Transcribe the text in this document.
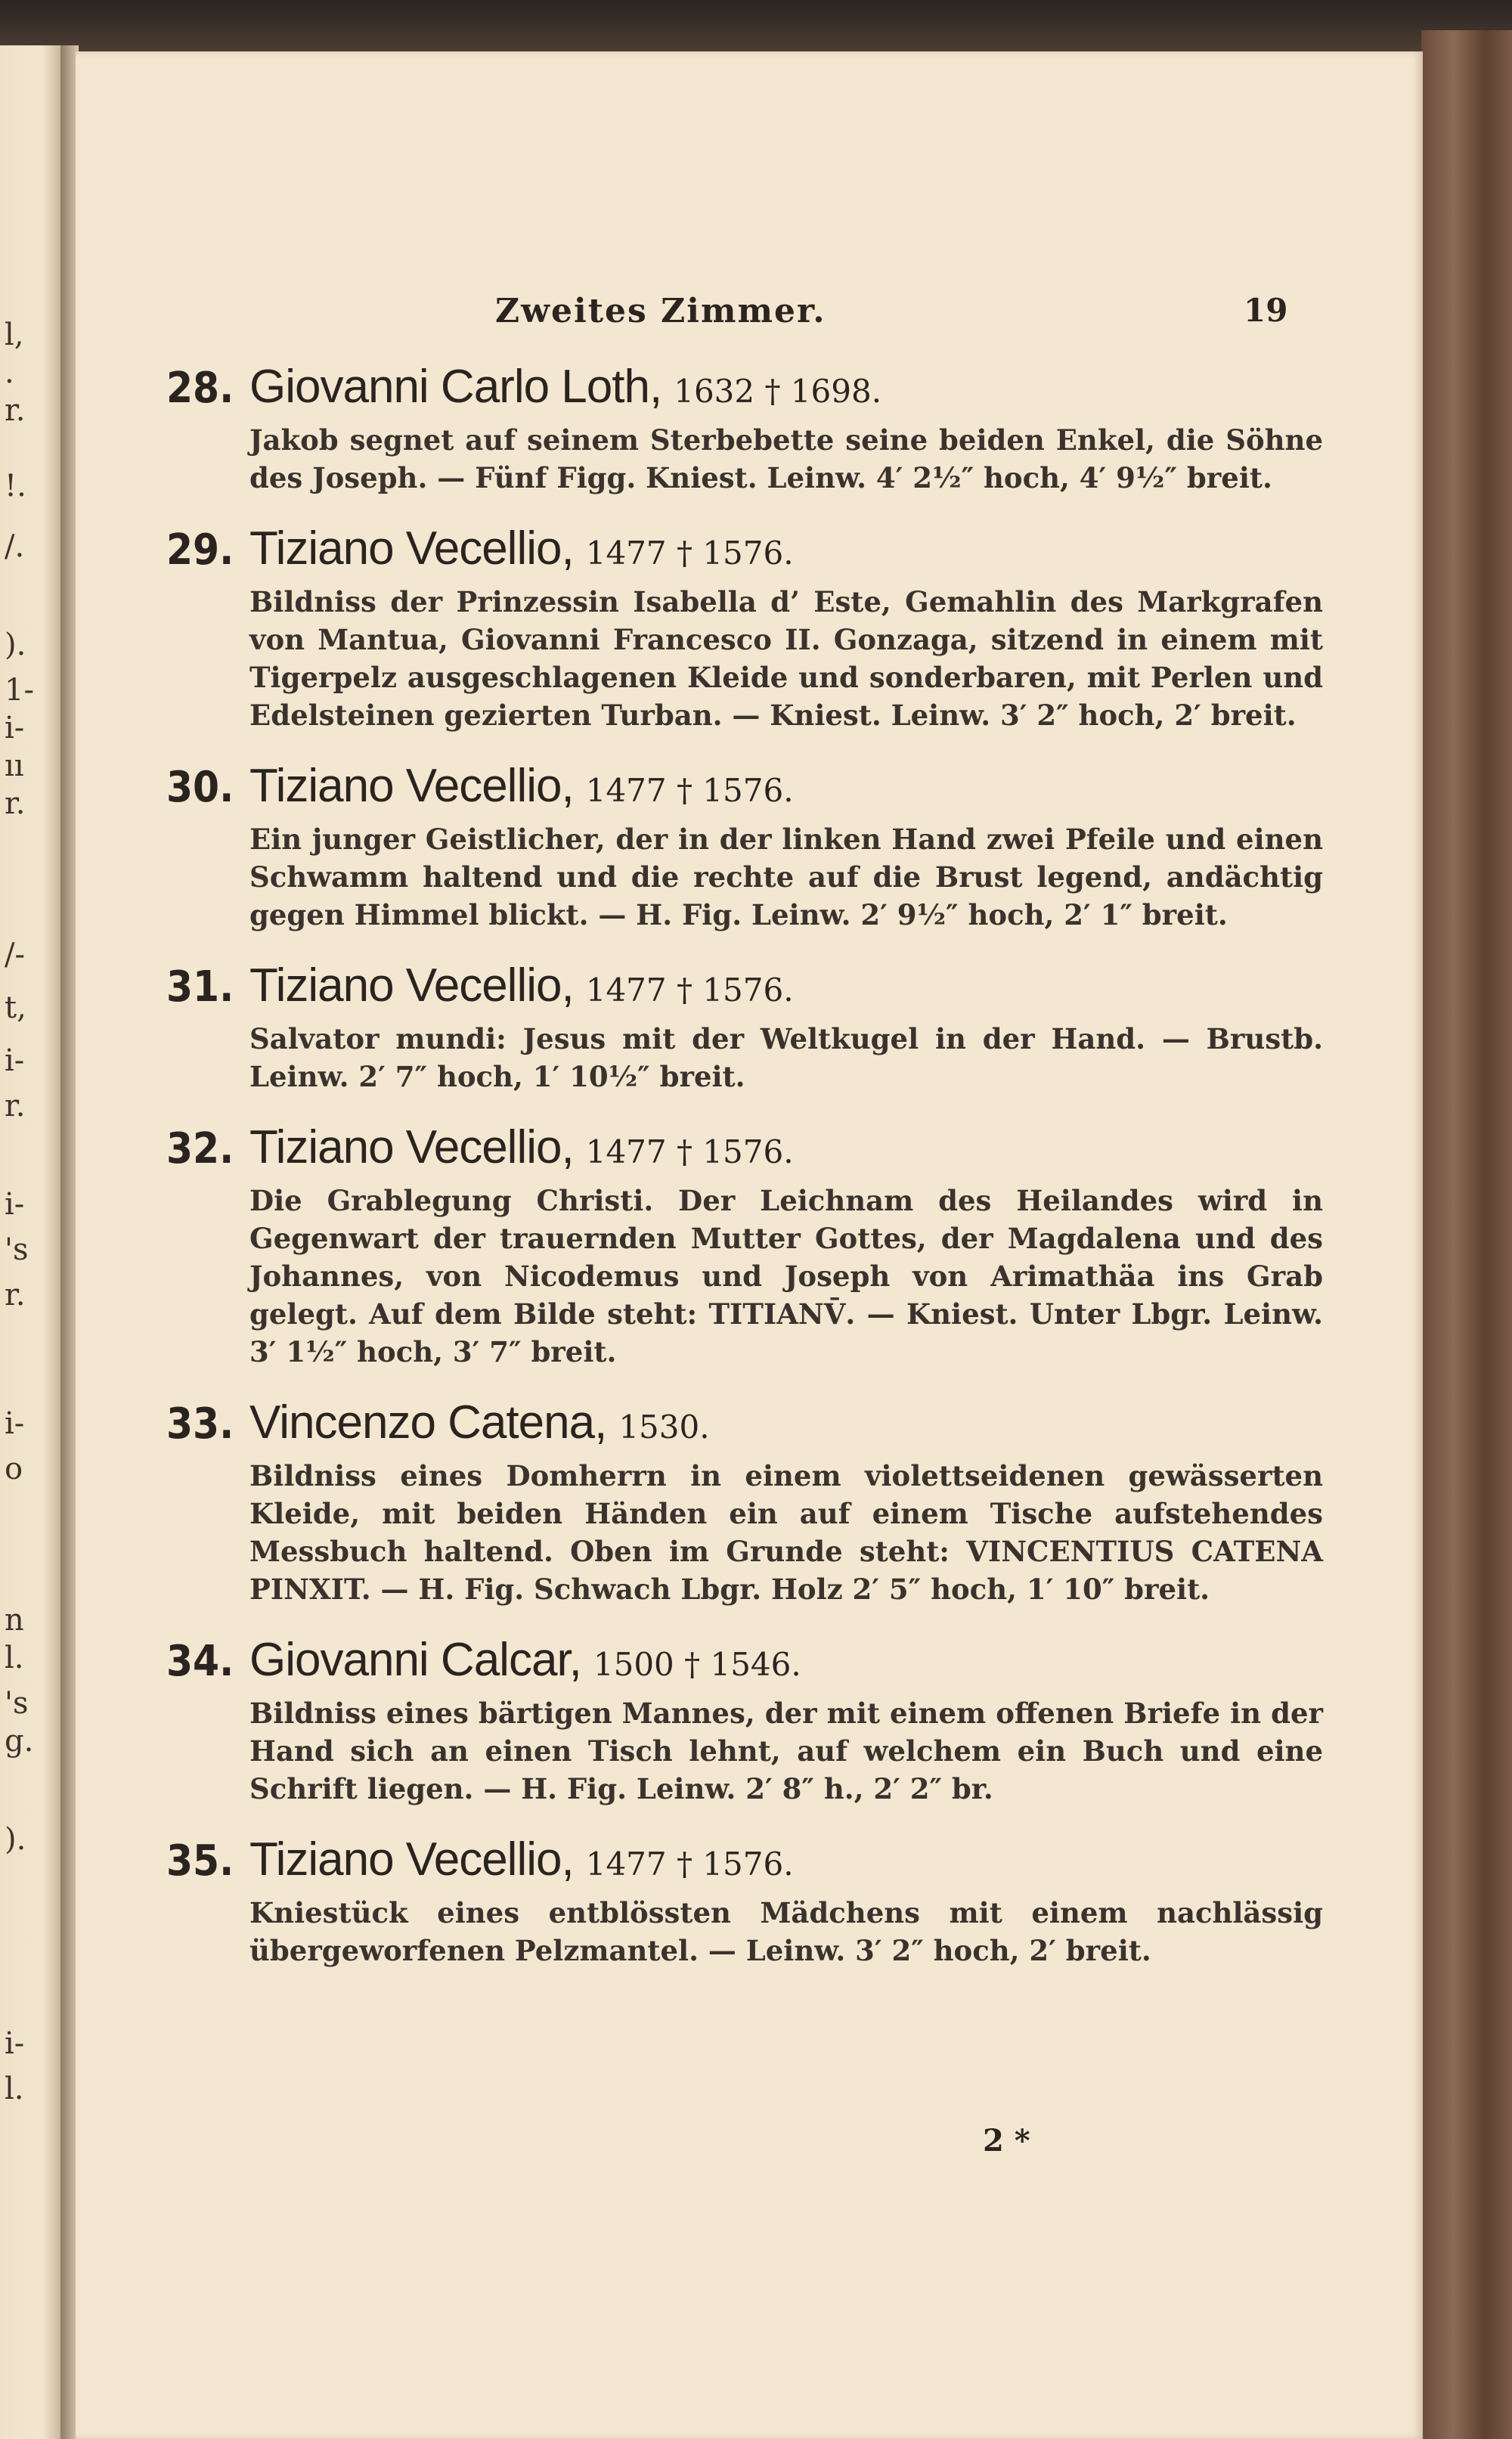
l,
.
r.
!.
/.
).
1-
i-
ıı
r.
/-
t,
i-
r.
i-
's
r.
i-
o
n
l.
's
g.
).
i-
l.
Zweites Zimmer.	19
28. Giovanni Carlo Loth, 1632 † 1698.
Jakob segnet auf seinem Sterbebette seine beiden Enkel, die Söhne des Joseph. — Fünf Figg. Kniest. Leinw. 4′ 2½″ hoch, 4′ 9½″ breit.
29. Tiziano Vecellio, 1477 † 1576.
Bildniss der Prinzessin Isabella d’ Este, Gemahlin des Markgrafen von Mantua, Giovanni Francesco II. Gonzaga, sitzend in einem mit Tigerpelz ausgeschlagenen Kleide und sonderbaren, mit Perlen und Edelsteinen gezierten Turban. — Kniest. Leinw. 3′ 2″ hoch, 2′ breit.
30. Tiziano Vecellio, 1477 † 1576.
Ein junger Geistlicher, der in der linken Hand zwei Pfeile und einen Schwamm haltend und die rechte auf die Brust legend, andächtig gegen Himmel blickt. — H. Fig. Leinw. 2′ 9½″ hoch, 2′ 1″ breit.
31. Tiziano Vecellio, 1477 † 1576.
Salvator mundi: Jesus mit der Weltkugel in der Hand. — Brustb. Leinw. 2′ 7″ hoch, 1′ 10½″ breit.
32. Tiziano Vecellio, 1477 † 1576.
Die Grablegung Christi. Der Leichnam des Heilandes wird in Gegenwart der trauernden Mutter Gottes, der Magdalena und des Johannes, von Nicodemus und Joseph von Arimathäa ins Grab gelegt. Auf dem Bilde steht: TITIANV̄. — Kniest. Unter Lbgr. Leinw. 3′ 1½″ hoch, 3′ 7″ breit.
33. Vincenzo Catena, 1530.
Bildniss eines Domherrn in einem violettseidenen gewässerten Kleide, mit beiden Händen ein auf einem Tische aufstehendes Messbuch haltend. Oben im Grunde steht: VINCENTIUS CATENA PINXIT. — H. Fig. Schwach Lbgr. Holz 2′ 5″ hoch, 1′ 10″ breit.
34. Giovanni Calcar, 1500 † 1546.
Bildniss eines bärtigen Mannes, der mit einem offenen Briefe in der Hand sich an einen Tisch lehnt, auf welchem ein Buch und eine Schrift liegen. — H. Fig. Leinw. 2′ 8″ h., 2′ 2″ br.
35. Tiziano Vecellio, 1477 † 1576.
Kniestück eines entblössten Mädchens mit einem nachlässig übergeworfenen Pelzmantel. — Leinw. 3′ 2″ hoch, 2′ breit.
2 *
